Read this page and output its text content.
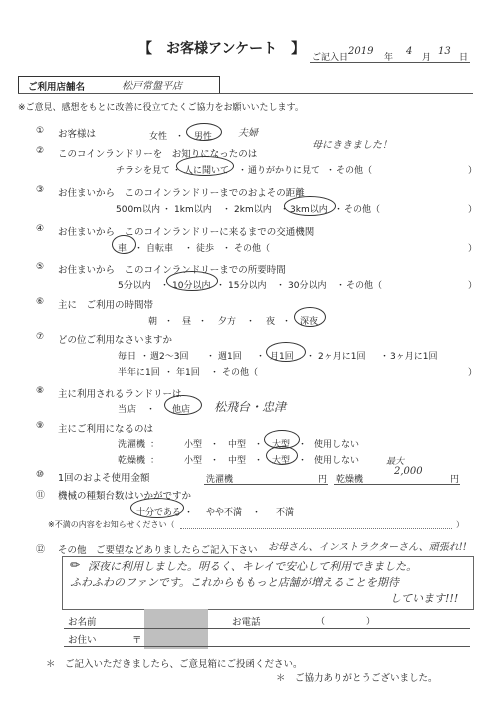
【　お客様アンケート　】
ご記入日
2019
年
4
月
13
日
ご利用店舗名	松戸常盤平店
※ご意見、感想をもとに改善に役立てたくご協力をお願いいたします。
① お客様は	女性 ・ 男性	夫婦
② このコインランドリーを　お知りになったのは
母にききました！
チラシを見て ・ 人に聞いて ・ 通りがかりに見て ・ その他（	）
③ お住まいから　このコインランドリーまでのおよその距離
500m以内 ・ 1km以内 ・ 2km以内 ・ 3km以内 ・ その他（	）
④ お住まいから　このコインランドリーに来るまでの交通機関
車 ・ 自転車 ・ 徒歩 ・ その他（	）
⑤ お住まいから　このコインランドリーまでの所要時間
5分以内 ・ 10分以内 ・ 15分以内 ・ 30分以内 ・ その他（	）
⑥ 主に　ご利用の時間帯
朝 ・ 昼 ・ 夕方 ・ 夜 ・ 深夜
⑦ どの位ご利用なさいますか
毎日 ・ 週2～3回 ・ 週1回 ・ 月1回 ・ 2ヶ月に1回 ・ 3ヶ月に1回
半年に1回 ・ 年1回 ・ その他（	）
⑧ 主に利用されるランドリーは
当店 ・ 他店 松飛台・忠津
⑨ 主にご利用になるのは
洗濯機 ：	小型 ・ 中型 ・ 大型 ・ 使用しない
乾燥機 ：	小型 ・ 中型 ・ 大型 ・ 使用しない
⑩ 1回のおよそ使用金額	洗濯機	円 乾燥機
最大
2,000
円
⑪ 機械の種類台数はいかがですか
十分である ・ やや不満 ・ 不満
※不満の内容をお知らせください（	）
⑫ その他　ご要望などありましたらご記入下さい お母さん、インストラクターさん、頑張れ!!
✏ 深夜に利用しました。明るく、キレイで安心して利用できました。
ふわふわのファンです。これからももっと店舗が増えることを期待
しています!!!
お名前	お電話	（	）
お住い	〒
＊　ご記入いただきましたら、ご意見箱にご投函ください。
＊　ご協力ありがとうございました。
